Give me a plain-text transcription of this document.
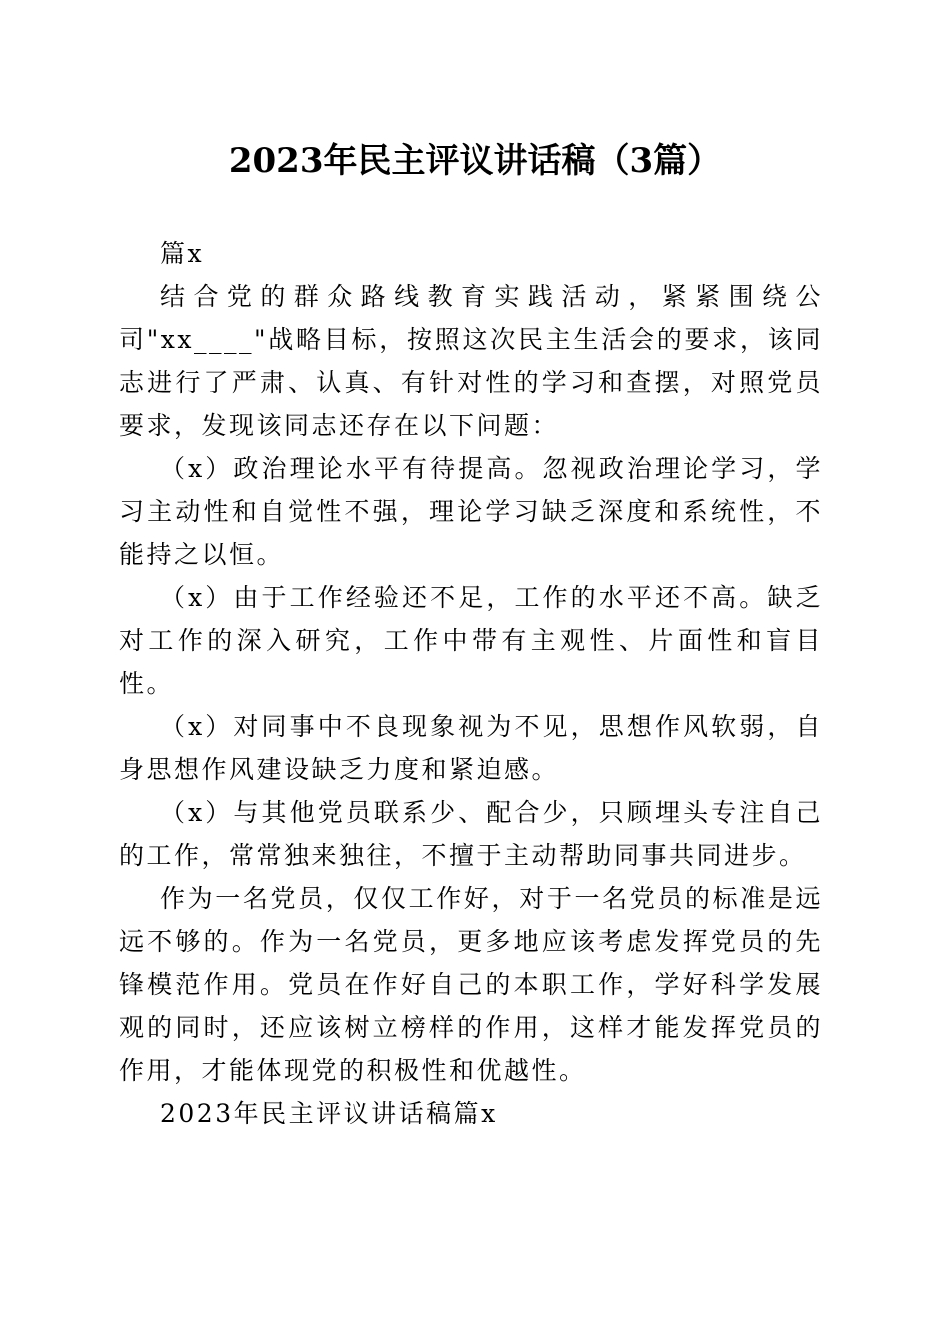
2023年民主评议讲话稿（3篇）

篇x

结合党的群众路线教育实践活动，紧紧围绕公司"xx____"战略目标，按照这次民主生活会的要求，该同志进行了严肃、认真、有针对性的学习和查摆，对照党员要求，发现该同志还存在以下问题：

（x）政治理论水平有待提高。忽视政治理论学习，学习主动性和自觉性不强，理论学习缺乏深度和系统性，不能持之以恒。

（x）由于工作经验还不足，工作的水平还不高。缺乏对工作的深入研究，工作中带有主观性、片面性和盲目性。

（x）对同事中不良现象视为不见，思想作风软弱，自身思想作风建设缺乏力度和紧迫感。

（x）与其他党员联系少、配合少，只顾埋头专注自己的工作，常常独来独往，不擅于主动帮助同事共同进步。

作为一名党员，仅仅工作好，对于一名党员的标准是远远不够的。作为一名党员，更多地应该考虑发挥党员的先锋模范作用。党员在作好自己的本职工作，学好科学发展观的同时，还应该树立榜样的作用，这样才能发挥党员的作用，才能体现党的积极性和优越性。

2023年民主评议讲话稿篇x
